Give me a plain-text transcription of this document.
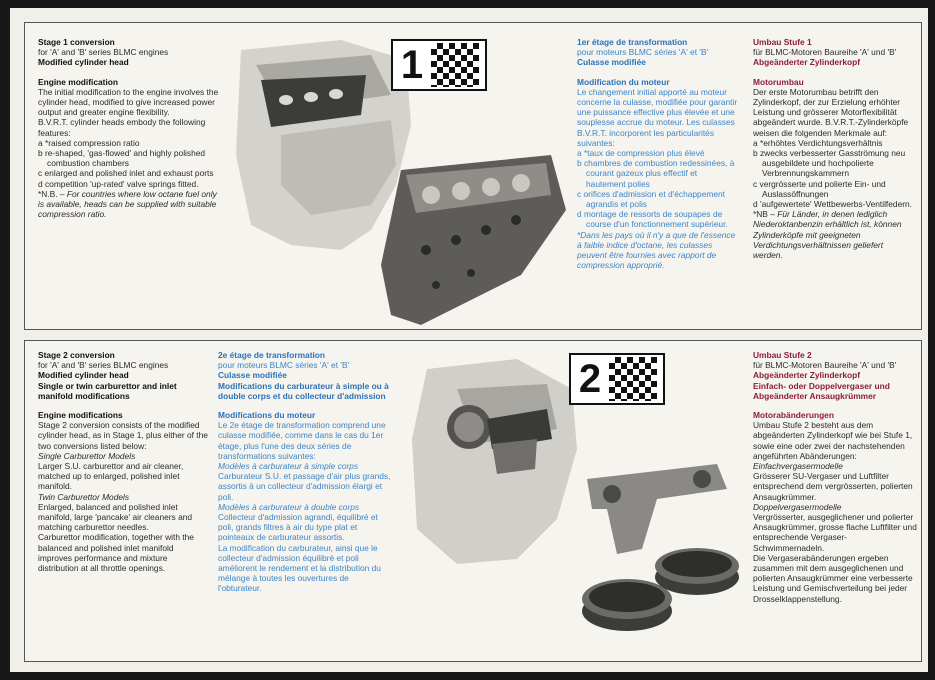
Stage 1 conversion
for 'A' and 'B' series BLMC engines
Modified cylinder head
Engine modification
The initial modification to the engine involves the cylinder head, modified to give increased power output and greater engine flexibility.
B.V.R.T. cylinder heads embody the following features:
a *raised compression ratio
b re-shaped, 'gas-flowed' and highly polished combustion chambers
c enlarged and polished inlet and exhaust ports
d competition 'up-rated' valve springs fitted.
*N.B. – For countries where low octane fuel only is available, heads can be supplied with suitable compression ratio.
1
1er étage de transformation
pour moteurs BLMC séries 'A' et 'B'
Culasse modifiée
Modification du moteur
Le changement initial apporté au moteur concerne la culasse, modifiée pour garantir une puissance effective plus élevée et une souplesse accrue du moteur. Les culasses B.V.R.T. incorporent les particularités suivantes:
a *taux de compression plus élevé
b chambres de combustion redessinées, à courant gazeux plus effectif et hautement polies
c orifices d'admission et d'échappement agrandis et polis
d montage de ressorts de soupapes de course d'un fonctionnement supérieur.
*Dans les pays où il n'y a que de l'essence à faible indice d'octane, les culasses peuvent être fournies avec rapport de compression approprié.
Umbau Stufe 1
für BLMC-Motoren Baureihe 'A' und 'B'
Abgeänderter Zylinderkopf
Motorumbau
Der erste Motorumbau betrifft den Zylinderkopf, der zur Erzielung erhöhter Leistung und grösserer Motorflexibilität abgeändert wurde. B.V.R.T.-Zylinderköpfe weisen die folgenden Merkmale auf:
a *erhöhtes Verdichtungsverhältnis
b zwecks verbesserter Gasströmung neu ausgebildete und hochpolierte Verbrennungskammern
c vergrösserte und polierte Ein- und Auslassöffnungen
d 'aufgewertete' Wettbewerbs-Ventilfedern.
*NB – Für Länder, in denen lediglich Niederoktanbenzin erhältlich ist, können Zylinderköpfe mit geeigneten Verdichtungsverhältnissen geliefert werden.
Stage 2 conversion
for 'A' and 'B' series BLMC engines
Modified cylinder head
Single or twin carburettor and inlet manifold modifications
Engine modifications
Stage 2 conversion consists of the modified cylinder head, as in Stage 1, plus either of the two conversions listed below:
Single Carburettor Models
Larger S.U. carburettor and air cleaner, matched up to enlarged, polished inlet manifold.
Twin Carburettor Models
Enlarged, balanced and polished inlet manifold, large 'pancake' air cleaners and matching carburettor needles.
Carburettor modification, together with the balanced and polished inlet manifold improves performance and mixture distribution at all throttle openings.
2e étage de transformation
pour moteurs BLMC séries 'A' et 'B'
Culasse modifiée
Modifications du carburateur à simple ou à double corps et du collecteur d'admission
Modifications du moteur
Le 2e étage de transformation comprend une culasse modifiée, comme dans le cas du 1er étage, plus l'une des deux séries de transformations suivantes:
Modèles à carburateur à simple corps
Carburateur S.U. et passage d'air plus grands, assortis à un collecteur d'admission élargi et poli.
Modèles à carburateur à double corps
Collecteur d'admission agrandi, équilibré et poli, grands filtres à air du type plat et pointeaux de carburateur assortis.
La modification du carburateur, ainsi que le collecteur d'admission équilibré et poli améliorent le rendement et la distribution du mélange à toutes les ouvertures de l'obturateur.
2
Umbau Stufe 2
für BLMC-Motoren Baureihe 'A' und 'B'
Abgeänderter Zylinderkopf
Einfach- oder Doppelvergaser und Abgeänderter Ansaugkrümmer
Motorabänderungen
Umbau Stufe 2 besteht aus dem abgeänderten Zylinderkopf wie bei Stufe 1, sowie eine oder zwei der nachstehenden angeführten Abänderungen:
Einfachvergasermodelle
Grösserer SU-Vergaser und Luftfilter entsprechend dem vergrösserten, polierten Ansaugkrümmer.
Doppelvergasermodelle
Vergrösserter, ausgeglichener und polierter Ansaugkrümmer, grosse flache Luftfilter und entsprechende Vergaser-Schwimmernadeln.
Die Vergaserabänderungen ergeben zusammen mit dem ausgeglichenen und polierten Ansaugkrümmer eine verbesserte Leistung und Gemischverteilung bei jeder Drosselklappenstellung.
